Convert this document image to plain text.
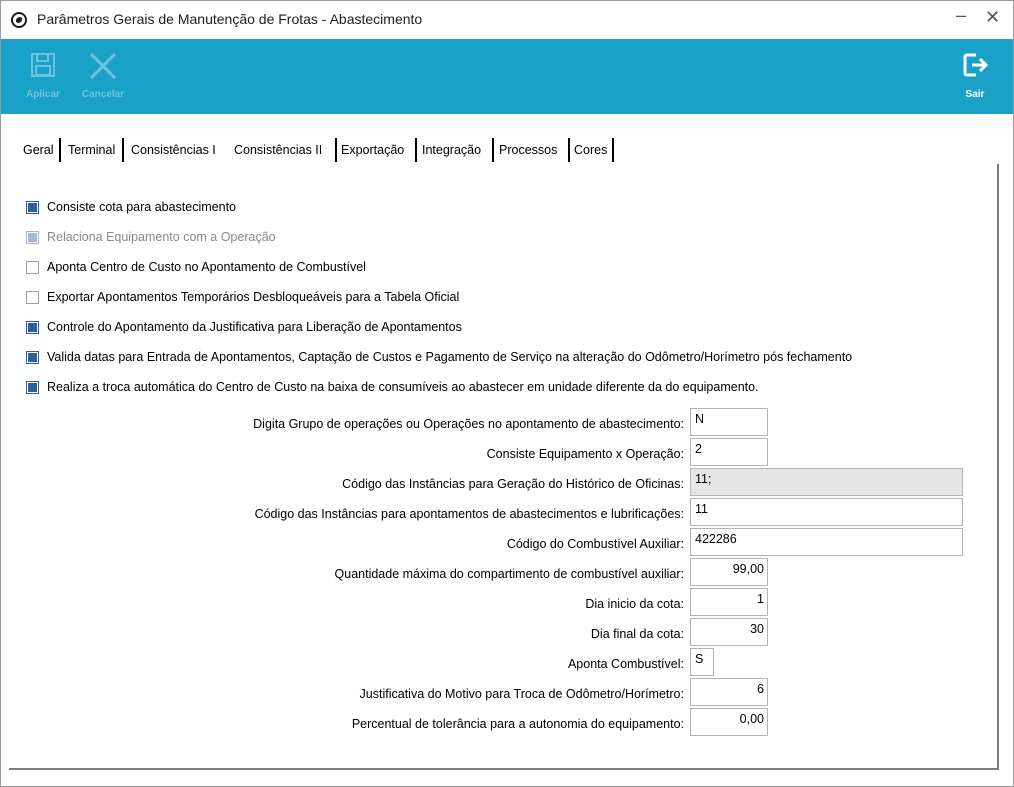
Parâmetros Gerais de Manutenção de Frotas - Abastecimento	– ✕
Aplicar	Cancelar	Sair
Geral Terminal Consistências I Consistências II Exportação Integração Processos Cores
Consiste cota para abastecimento
Relaciona Equipamento com a Operação
Aponta Centro de Custo no Apontamento de Combustível
Exportar Apontamentos Temporários Desbloqueáveis para a Tabela Oficial
Controle do Apontamento da Justificativa para Liberação de Apontamentos
Valida datas para Entrada de Apontamentos, Captação de Custos e Pagamento de Serviço na alteração do Odômetro/Horímetro pós fechamento
Realiza a troca automática do Centro de Custo na baixa de consumíveis ao abastecer em unidade diferente da do equipamento.
Digita Grupo de operações ou Operações no apontamento de abastecimento: N
Consiste Equipamento x Operação: 2
Código das Instâncias para Geração do Histórico de Oficinas: 11;
Código das Instâncias para apontamentos de abastecimentos e lubrificações: 11
Código do Combustível Auxiliar: 422286
Quantidade máxima do compartimento de combustível auxiliar:	99,00
Dia inicio da cota:	1
Dia final da cota:	30
Aponta Combustível: S
Justificativa do Motivo para Troca de Odômetro/Horímetro:	6
Percentual de tolerância para a autonomia do equipamento:	0,00
